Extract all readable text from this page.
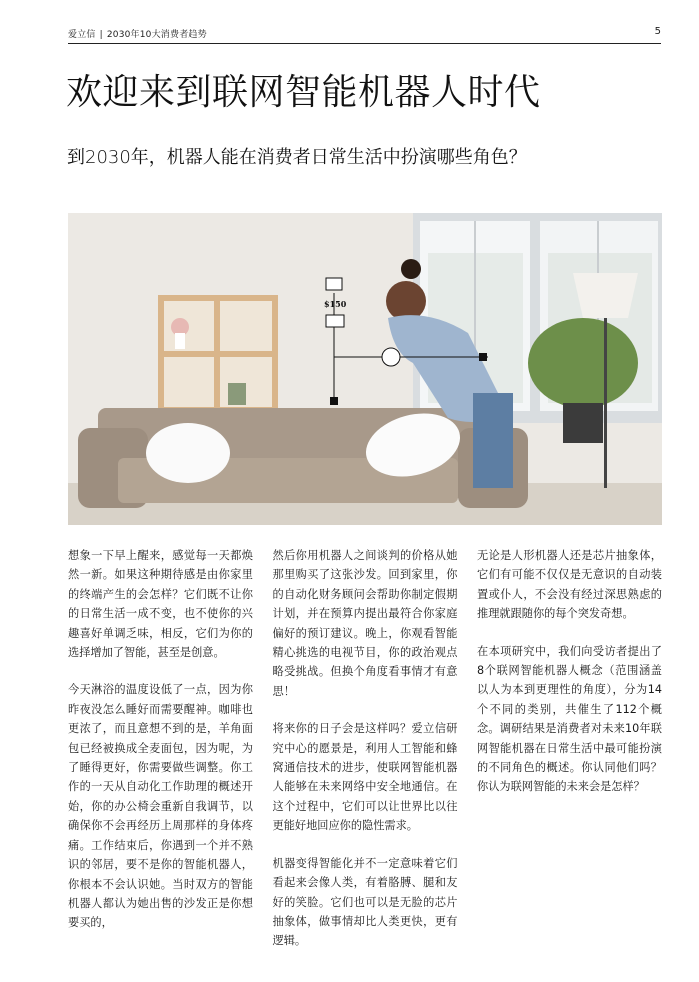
爱立信 | 2030年10大消费者趋势	5
欢迎来到联网智能机器人时代
到2030年，机器人能在消费者日常生活中扮演哪些角色？
$150

想象一下早上醒来，感觉每一天都焕然一新。如果这种期待感是由你家里的终端产生的会怎样？它们既不让你的日常生活一成不变，也不使你的兴趣喜好单调乏味，相反，它们为你的选择增加了智能，甚至是创意。

今天淋浴的温度设低了一点，因为你昨夜没怎么睡好而需要醒神。咖啡也更浓了，而且意想不到的是，羊角面包已经被换成全麦面包，因为呢，为了睡得更好，你需要做些调整。你工作的一天从自动化工作助理的概述开始，你的办公椅会重新自我调节，以确保你不会再经历上周那样的身体疼痛。工作结束后，你遇到一个并不熟识的邻居，要不是你的智能机器人，你根本不会认识她。当时双方的智能机器人都认为她出售的沙发正是你想要买的，

然后你用机器人之间谈判的价格从她那里购买了这张沙发。回到家里，你的自动化财务顾问会帮助你制定假期计划，并在预算内提出最符合你家庭偏好的预订建议。晚上，你观看智能精心挑选的电视节目，你的政治观点略受挑战。但换个角度看事情才有意思！

将来你的日子会是这样吗？爱立信研究中心的愿景是，利用人工智能和蜂窝通信技术的进步，使联网智能机器人能够在未来网络中安全地通信。在这个过程中，它们可以让世界比以往更能好地回应你的隐性需求。

机器变得智能化并不一定意味着它们看起来会像人类，有着胳膊、腿和友好的笑脸。它们也可以是无脸的芯片抽象体，做事情却比人类更快，更有逻辑。

无论是人形机器人还是芯片抽象体，它们有可能不仅仅是无意识的自动装置或仆人，不会没有经过深思熟虑的推理就跟随你的每个突发奇想。

在本项研究中，我们向受访者提出了8个联网智能机器人概念（范围涵盖以人为本到更理性的角度），分为14个不同的类别，共催生了112个概念。调研结果是消费者对未来10年联网智能机器在日常生活中最可能扮演的不同角色的概述。你认同他们吗？你认为联网智能的未来会是怎样？
